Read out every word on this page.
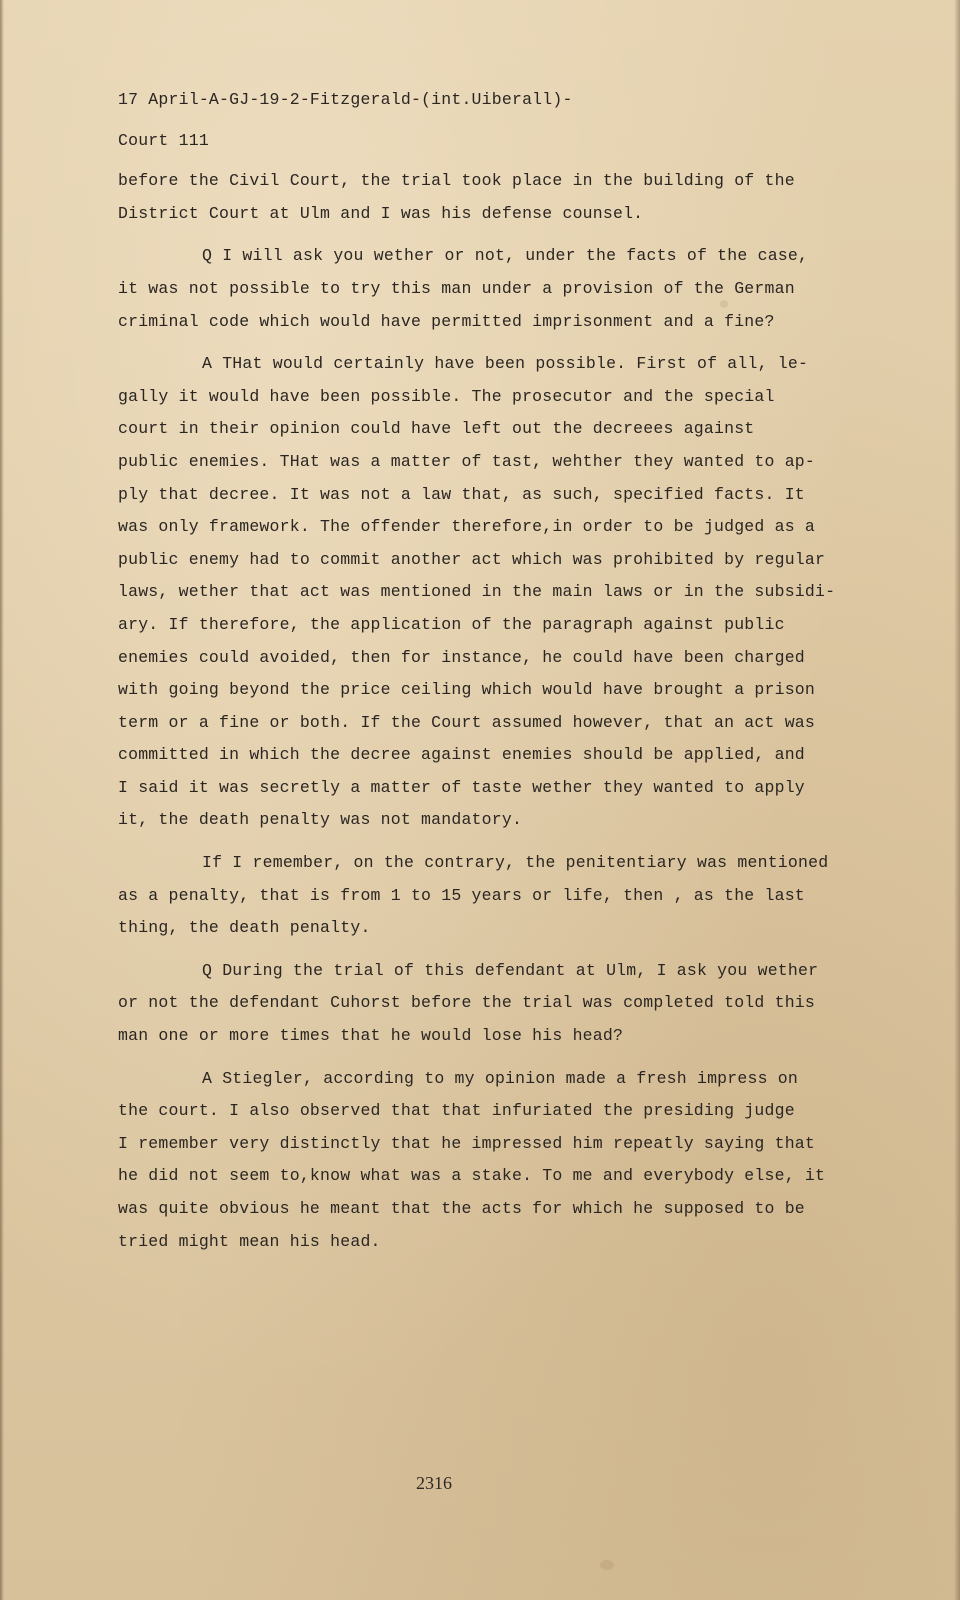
17 April-A-GJ-19-2-Fitzgerald-(int.Uiberall)-
Court 111
before the Civil Court, the trial took place in the building of the
District Court at Ulm and I was his defense counsel.
Q I will ask you wether or not, under the facts of the case,
it was not possible to try this man under a provision of the German
criminal code which would have permitted imprisonment and a fine?
A THat would certainly have been possible. First of all, le-
gally it would have been possible. The prosecutor and the special
court in their opinion could have left out the decreees against
public enemies. THat was a matter of tast, wehther they wanted to ap-
ply that decree. It was not a law that, as such, specified facts. It
was only framework. The offender therefore,in order to be judged as a
public enemy had to commit another act which was prohibited by regular
laws, wether that act was mentioned in the main laws or in the subsidi-
ary. If therefore, the application of the paragraph against public
enemies could avoided, then for instance, he could have been charged
with going beyond the price ceiling which would have brought a prison
term or a fine or both. If the Court assumed however, that an act was
committed in which the decree against enemies should be applied, and
I said it was secretly a matter of taste wether they wanted to apply
it, the death penalty was not mandatory.
If I remember, on the contrary, the penitentiary was mentioned
as a penalty, that is from 1 to 15 years or life, then , as the last
thing, the death penalty.
Q During the trial of this defendant at Ulm, I ask you wether
or not the defendant Cuhorst before the trial was completed told this
man one or more times that he would lose his head?
A Stiegler, according to my opinion made a fresh impress on
the court. I also observed that that infuriated the presiding judge
I remember very distinctly that he impressed him repeatly saying that
he did not seem to,know what was a stake. To me and everybody else, it
was quite obvious he meant that the acts for which he supposed to be
tried might mean his head.
2316
